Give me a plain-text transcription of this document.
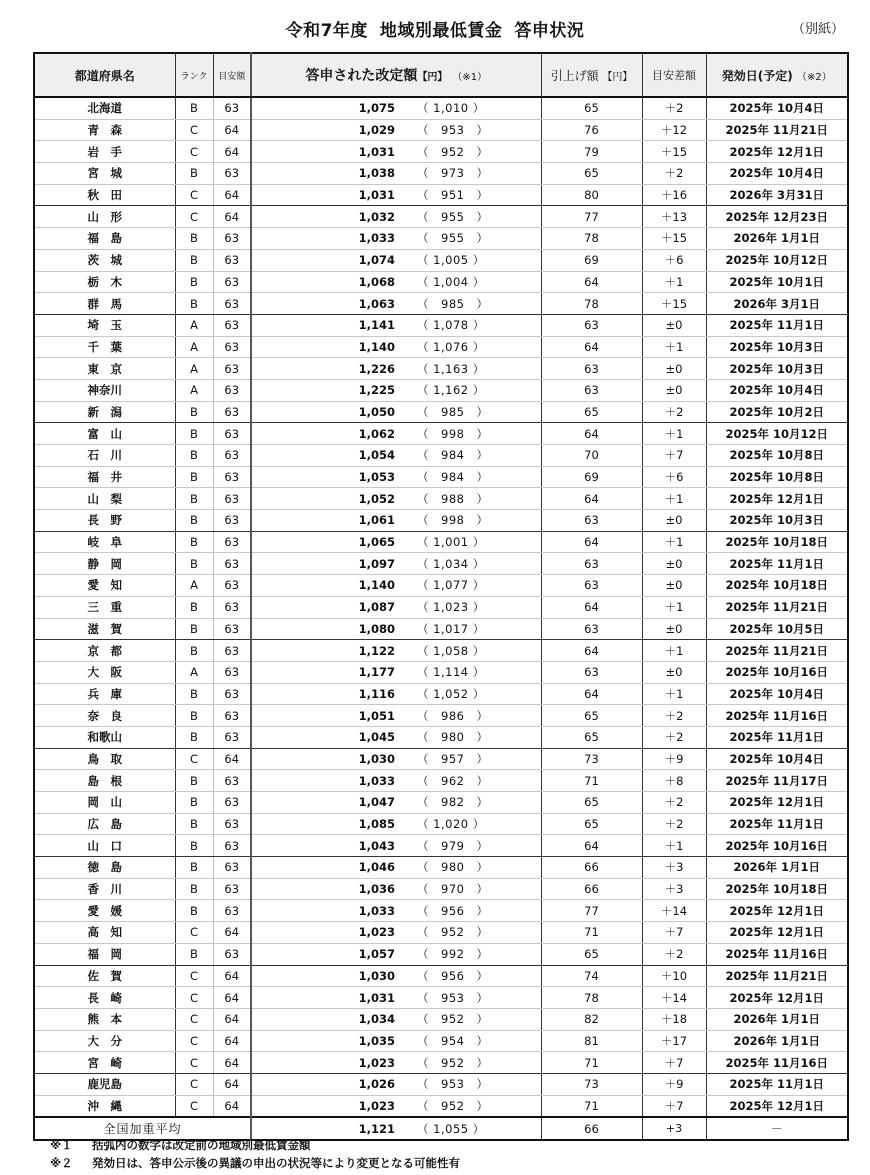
令和7年度 地域別最低賃金 答申状況	（別紙）
都道府県名	ランク	目安額	答申された改定額【円】 （※1）		引上げ額 【円】	目安差額	発効日(予定) （※2）
北海道	B	63	1,075	（ 1,010 ）	65	＋2	2025年 10月4日
青　森	C	64	1,029	（　953　）	76	＋12	2025年 11月21日
岩　手	C	64	1,031	（　952　）	79	＋15	2025年 12月1日
宮　城	B	63	1,038	（　973　）	65	＋2	2025年 10月4日
秋　田	C	64	1,031	（　951　）	80	＋16	2026年 3月31日
山　形	C	64	1,032	（　955　）	77	＋13	2025年 12月23日
福　島	B	63	1,033	（　955　）	78	＋15	2026年 1月1日
茨　城	B	63	1,074	（ 1,005 ）	69	＋6	2025年 10月12日
栃　木	B	63	1,068	（ 1,004 ）	64	＋1	2025年 10月1日
群　馬	B	63	1,063	（　985　）	78	＋15	2026年 3月1日
埼　玉	A	63	1,141	（ 1,078 ）	63	±0	2025年 11月1日
千　葉	A	63	1,140	（ 1,076 ）	64	＋1	2025年 10月3日
東　京	A	63	1,226	（ 1,163 ）	63	±0	2025年 10月3日
神奈川	A	63	1,225	（ 1,162 ）	63	±0	2025年 10月4日
新　潟	B	63	1,050	（　985　）	65	＋2	2025年 10月2日
富　山	B	63	1,062	（　998　）	64	＋1	2025年 10月12日
石　川	B	63	1,054	（　984　）	70	＋7	2025年 10月8日
福　井	B	63	1,053	（　984　）	69	＋6	2025年 10月8日
山　梨	B	63	1,052	（　988　）	64	＋1	2025年 12月1日
長　野	B	63	1,061	（　998　）	63	±0	2025年 10月3日
岐　阜	B	63	1,065	（ 1,001 ）	64	＋1	2025年 10月18日
静　岡	B	63	1,097	（ 1,034 ）	63	±0	2025年 11月1日
愛　知	A	63	1,140	（ 1,077 ）	63	±0	2025年 10月18日
三　重	B	63	1,087	（ 1,023 ）	64	＋1	2025年 11月21日
滋　賀	B	63	1,080	（ 1,017 ）	63	±0	2025年 10月5日
京　都	B	63	1,122	（ 1,058 ）	64	＋1	2025年 11月21日
大　阪	A	63	1,177	（ 1,114 ）	63	±0	2025年 10月16日
兵　庫	B	63	1,116	（ 1,052 ）	64	＋1	2025年 10月4日
奈　良	B	63	1,051	（　986　）	65	＋2	2025年 11月16日
和歌山	B	63	1,045	（　980　）	65	＋2	2025年 11月1日
鳥　取	C	64	1,030	（　957　）	73	＋9	2025年 10月4日
島　根	B	63	1,033	（　962　）	71	＋8	2025年 11月17日
岡　山	B	63	1,047	（　982　）	65	＋2	2025年 12月1日
広　島	B	63	1,085	（ 1,020 ）	65	＋2	2025年 11月1日
山　口	B	63	1,043	（　979　）	64	＋1	2025年 10月16日
徳　島	B	63	1,046	（　980　）	66	＋3	2026年 1月1日
香　川	B	63	1,036	（　970　）	66	＋3	2025年 10月18日
愛　媛	B	63	1,033	（　956　）	77	＋14	2025年 12月1日
高　知	C	64	1,023	（　952　）	71	＋7	2025年 12月1日
福　岡	B	63	1,057	（　992　）	65	＋2	2025年 11月16日
佐　賀	C	64	1,030	（　956　）	74	＋10	2025年 11月21日
長　崎	C	64	1,031	（　953　）	78	＋14	2025年 12月1日
熊　本	C	64	1,034	（　952　）	82	＋18	2026年 1月1日
大　分	C	64	1,035	（　954　）	81	＋17	2026年 1月1日
宮　崎	C	64	1,023	（　952　）	71	＋7	2025年 11月16日
鹿児島	C	64	1,026	（　953　）	73	＋9	2025年 11月1日
沖　縄	C	64	1,023	（　952　）	71	＋7	2025年 12月1日
全国加重平均			1,121	（ 1,055 ）	66	+3	－
※１ 括弧内の数字は改定前の地域別最低賃金額
※２ 発効日は、答申公示後の異議の申出の状況等により変更となる可能性有
